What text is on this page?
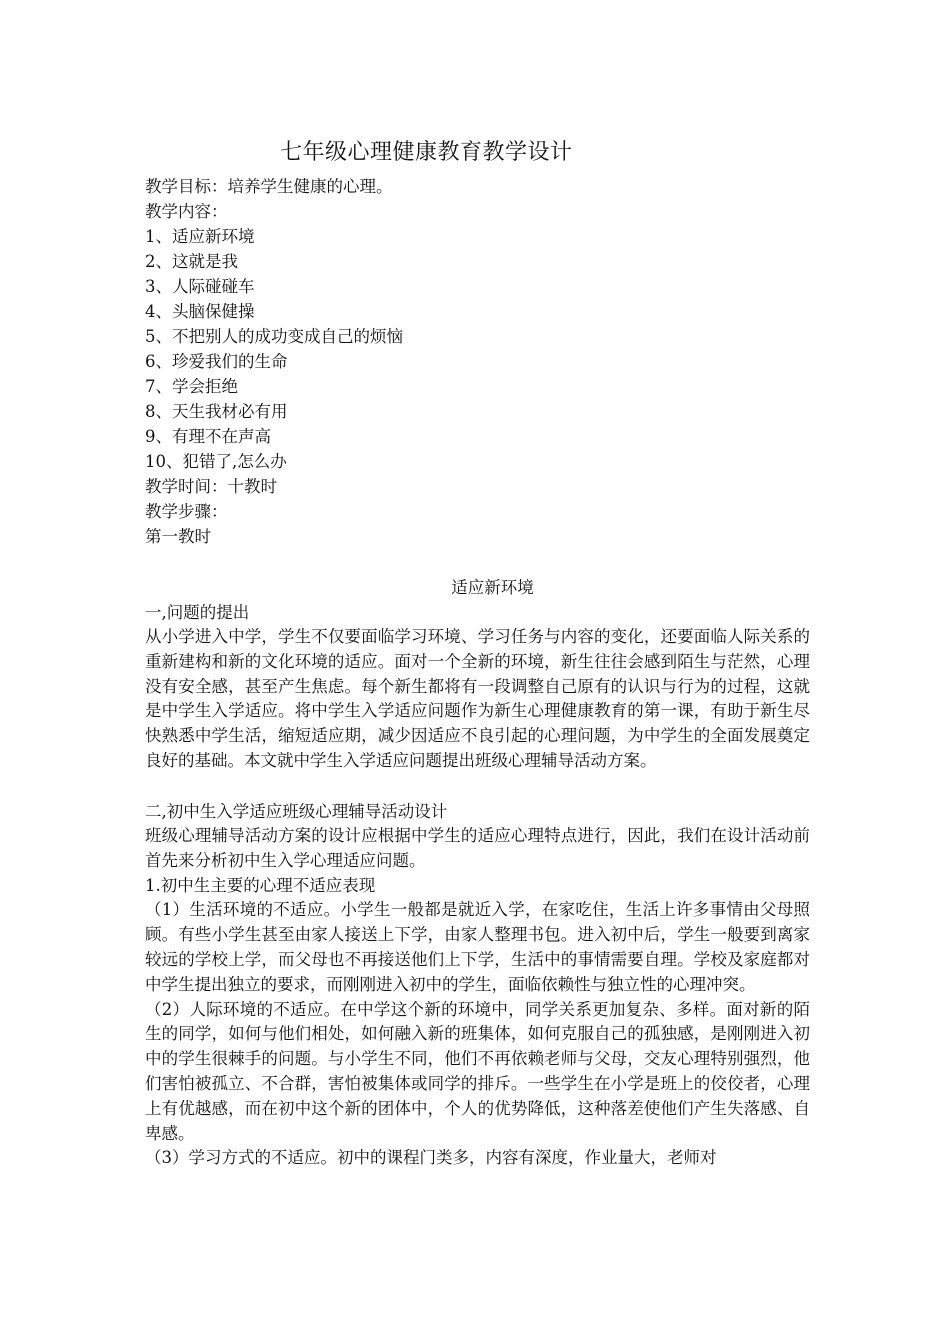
七年级心理健康教育教学设计
教学目标：培养学生健康的心理。
教学内容：
1、适应新环境
2、这就是我
3、人际碰碰车
4、头脑保健操
5、不把别人的成功变成自己的烦恼
6、珍爱我们的生命
7、学会拒绝
8、天生我材必有用
9、有理不在声高
10、犯错了,怎么办
教学时间：十教时
教学步骤：
第一教时
适应新环境
一,问题的提出
从小学进入中学，学生不仅要面临学习环境、学习任务与内容的变化，还要面临人际关系的重新建构和新的文化环境的适应。面对一个全新的环境，新生往往会感到陌生与茫然，心理没有安全感，甚至产生焦虑。每个新生都将有一段调整自己原有的认识与行为的过程，这就是中学生入学适应。将中学生入学适应问题作为新生心理健康教育的第一课，有助于新生尽快熟悉中学生活，缩短适应期，减少因适应不良引起的心理问题，为中学生的全面发展奠定良好的基础。本文就中学生入学适应问题提出班级心理辅导活动方案。
二,初中生入学适应班级心理辅导活动设计
班级心理辅导活动方案的设计应根据中学生的适应心理特点进行，因此，我们在设计活动前首先来分析初中生入学心理适应问题。
1.初中生主要的心理不适应表现
（1）生活环境的不适应。小学生一般都是就近入学，在家吃住，生活上许多事情由父母照顾。有些小学生甚至由家人接送上下学，由家人整理书包。进入初中后，学生一般要到离家较远的学校上学，而父母也不再接送他们上下学，生活中的事情需要自理。学校及家庭都对中学生提出独立的要求，而刚刚进入初中的学生，面临依赖性与独立性的心理冲突。
（2）人际环境的不适应。在中学这个新的环境中，同学关系更加复杂、多样。面对新的陌生的同学，如何与他们相处，如何融入新的班集体，如何克服自己的孤独感，是刚刚进入初中的学生很棘手的问题。与小学生不同，他们不再依赖老师与父母，交友心理特别强烈，他们害怕被孤立、不合群，害怕被集体或同学的排斥。一些学生在小学是班上的佼佼者，心理上有优越感，而在初中这个新的团体中，个人的优势降低，这种落差使他们产生失落感、自卑感。
（3）学习方式的不适应。初中的课程门类多，内容有深度，作业量大，老师对
